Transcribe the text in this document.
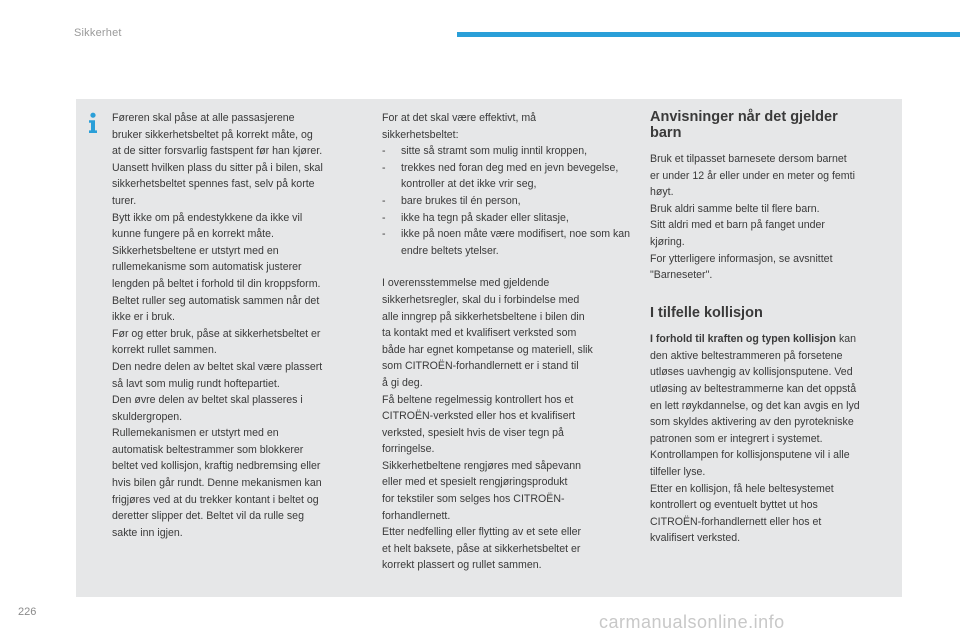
Sikkerhet

Føreren skal påse at alle passasjerene
bruker sikkerhetsbeltet på korrekt måte, og
at de sitter forsvarlig fastspent før han kjører.
Uansett hvilken plass du sitter på i bilen, skal
sikkerhetsbeltet spennes fast, selv på korte
turer.
Bytt ikke om på endestykkene da ikke vil
kunne fungere på en korrekt måte.
Sikkerhetsbeltene er utstyrt med en
rullemekanisme som automatisk justerer
lengden på beltet i forhold til din kroppsform.
Beltet ruller seg automatisk sammen når det
ikke er i bruk.
Før og etter bruk, påse at sikkerhetsbeltet er
korrekt rullet sammen.
Den nedre delen av beltet skal være plassert
så lavt som mulig rundt hoftepartiet.
Den øvre delen av beltet skal plasseres i
skuldergropen.
Rullemekanismen er utstyrt med en
automatisk beltestrammer som blokkerer
beltet ved kollisjon, kraftig nedbremsing eller
hvis bilen går rundt. Denne mekanismen kan
frigjøres ved at du trekker kontant i beltet og
deretter slipper det. Beltet vil da rulle seg
sakte inn igjen.

For at det skal være effektivt, må
sikkerhetsbeltet:

- sitte så stramt som mulig inntil kroppen,
- trekkes ned foran deg med en jevn bevegelse, kontroller at det ikke vrir seg,
- bare brukes til én person,
- ikke ha tegn på skader eller slitasje,
- ikke på noen måte være modifisert, noe som kan endre beltets ytelser.

I overensstemmelse med gjeldende
sikkerhetsregler, skal du i forbindelse med
alle inngrep på sikkerhetsbeltene i bilen din
ta kontakt med et kvalifisert verksted som
både har egnet kompetanse og materiell, slik
som CITROËN-forhandlernett er i stand til
å gi deg.
Få beltene regelmessig kontrollert hos et
CITROËN-verksted eller hos et kvalifisert
verksted, spesielt hvis de viser tegn på
forringelse.
Sikkerhetbeltene rengjøres med såpevann
eller med et spesielt rengjøringsprodukt
for tekstiler som selges hos CITROËN-
forhandlernett.
Etter nedfelling eller flytting av et sete eller
et helt baksete, påse at sikkerhetsbeltet er
korrekt plassert og rullet sammen.

Anvisninger når det gjelder
barn

Bruk et tilpasset barnesete dersom barnet
er under 12 år eller under en meter og femti
høyt.
Bruk aldri samme belte til flere barn.
Sitt aldri med et barn på fanget under
kjøring.
For ytterligere informasjon, se avsnittet
"Barneseter".

I tilfelle kollisjon

I forhold til kraften og typen kollisjon kan
den aktive beltestrammeren på forsetene
utløses uavhengig av kollisjonsputene. Ved
utløsing av beltestrammerne kan det oppstå
en lett røykdannelse, og det kan avgis en lyd
som skyldes aktivering av den pyrotekniske
patronen som er integrert i systemet.
Kontrollampen for kollisjonsputene vil i alle
tilfeller lyse.
Etter en kollisjon, få hele beltesystemet
kontrollert og eventuelt byttet ut hos
CITROËN-forhandlernett eller hos et
kvalifisert verksted.

226	carmanualsonline.info
